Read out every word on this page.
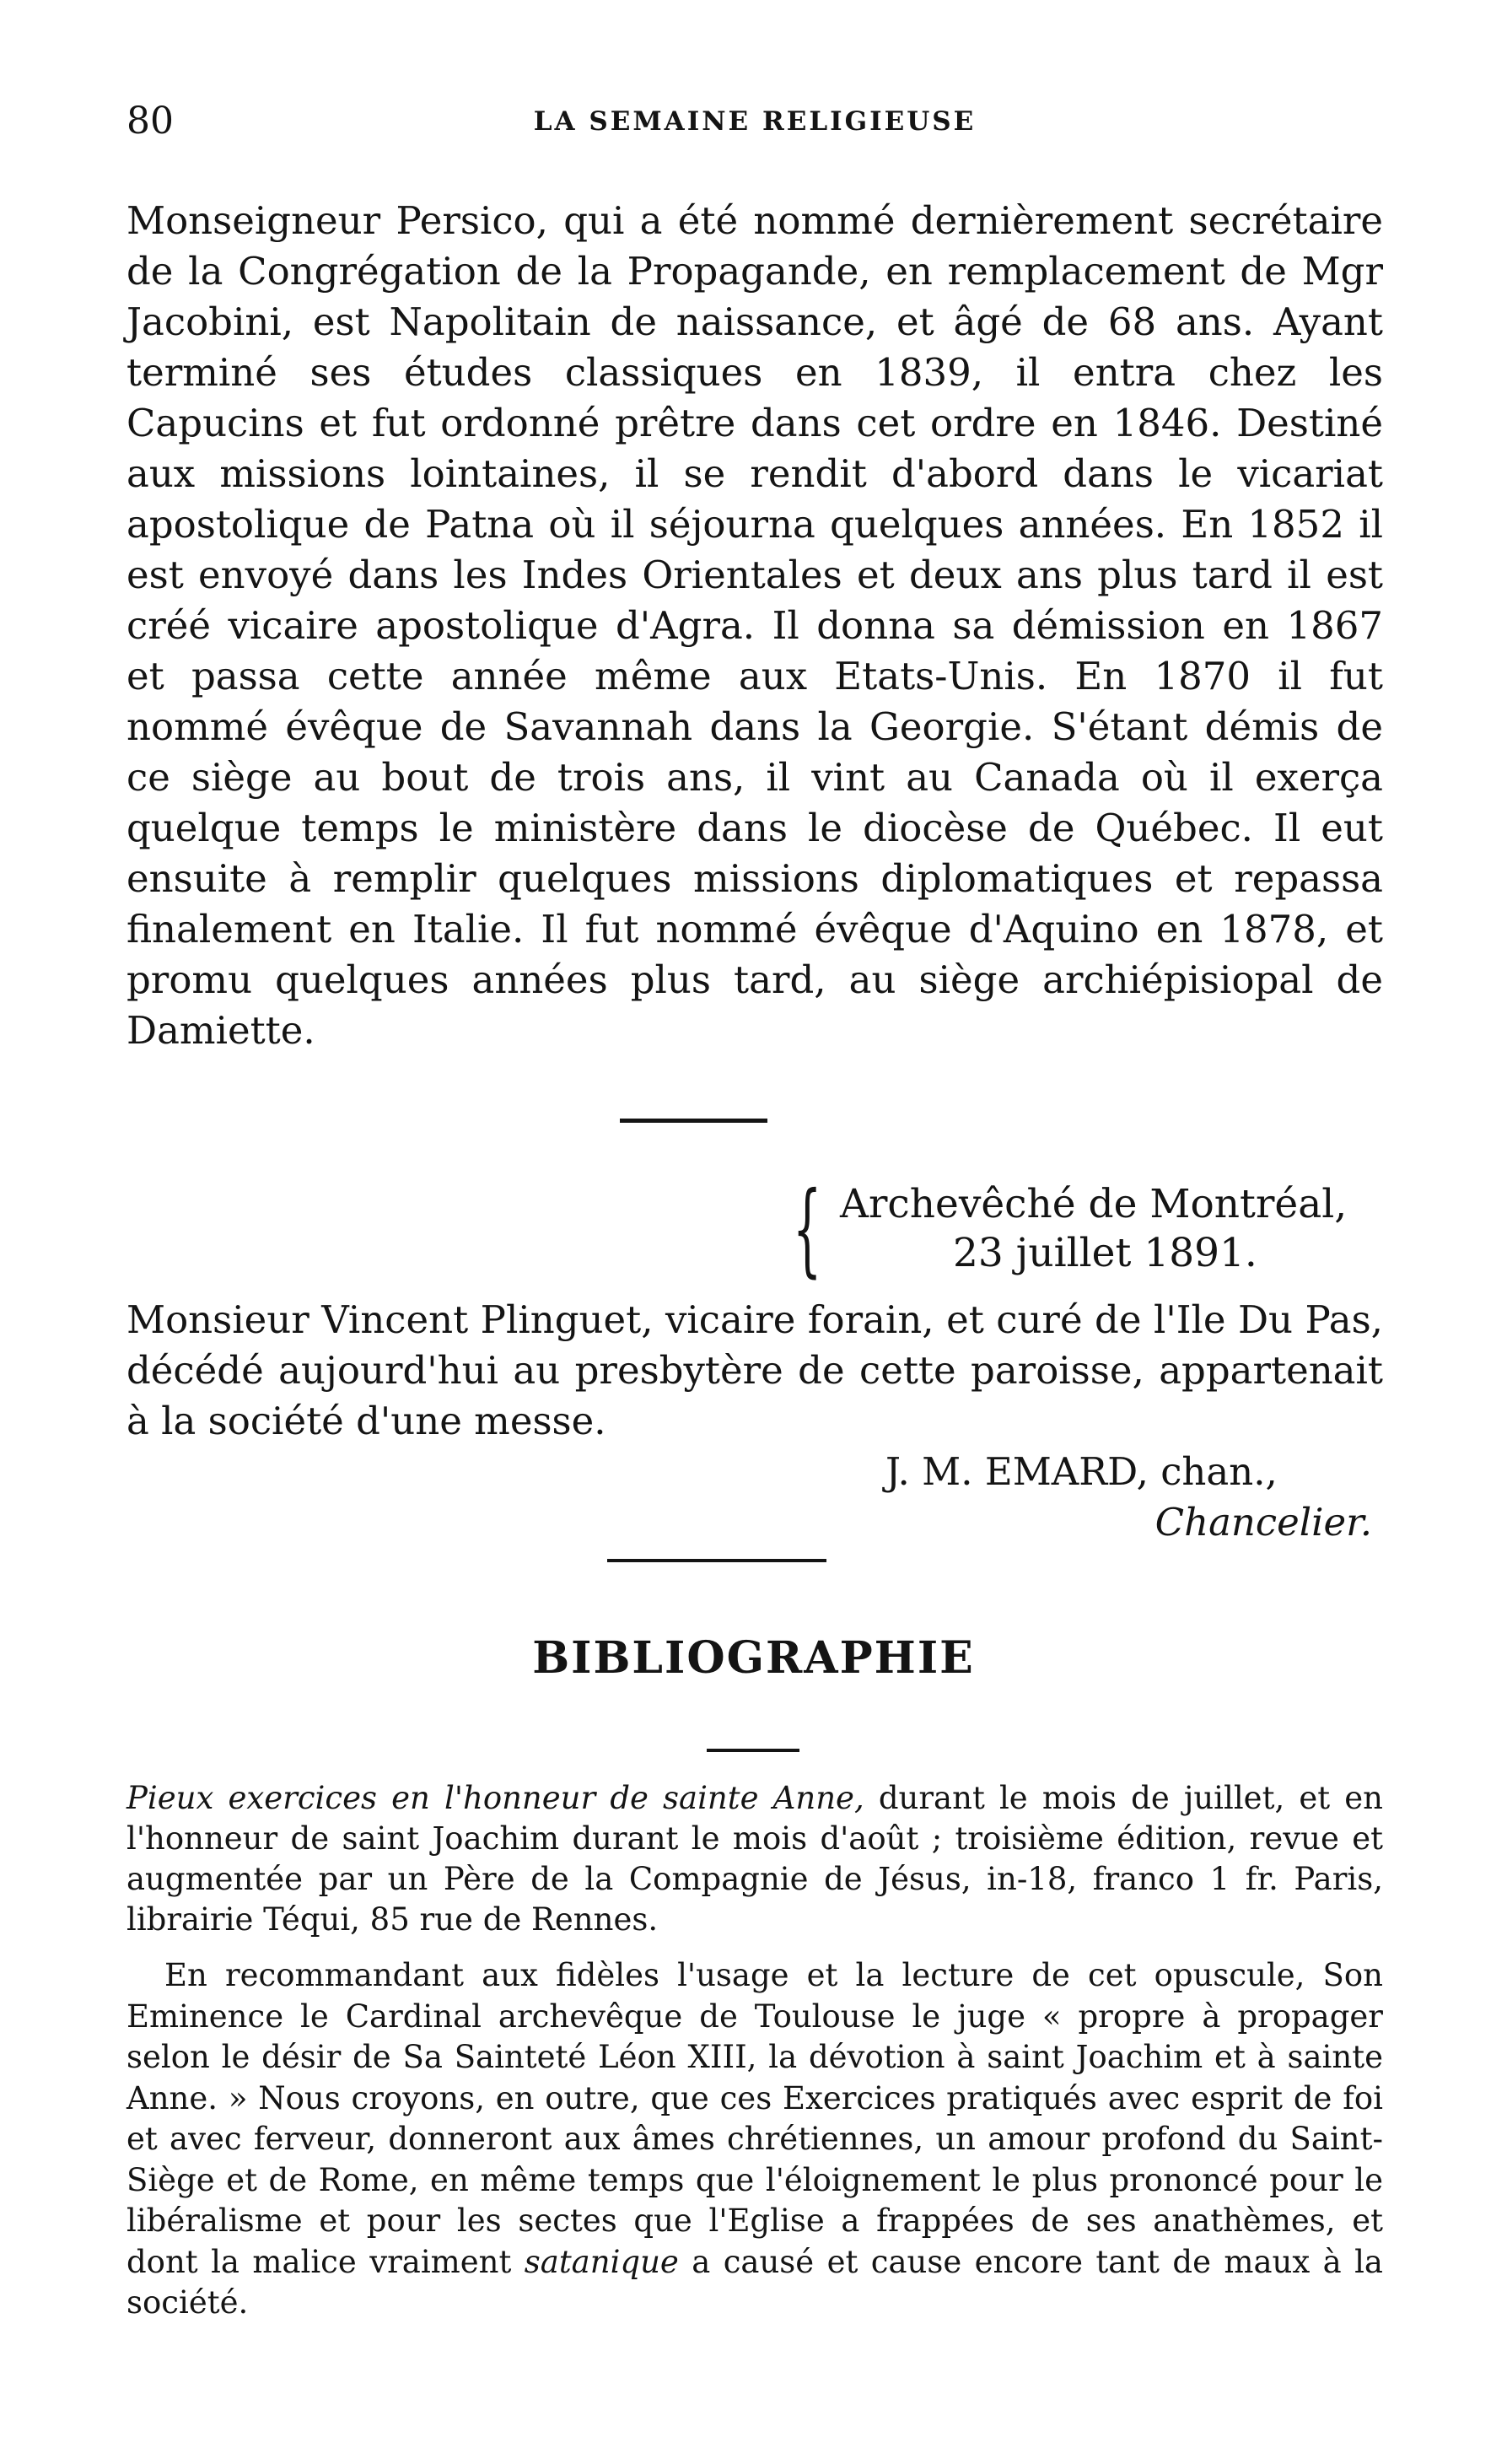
80	LA SEMAINE RELIGIEUSE

Monseigneur Persico, qui a été nommé dernièrement secrétaire de la Congrégation de la Propagande, en remplacement de Mgr Jacobini, est Napolitain de naissance, et âgé de 68 ans. Ayant terminé ses études classiques en 1839, il entra chez les Capucins et fut ordonné prêtre dans cet ordre en 1846. Destiné aux missions lointaines, il se rendit d'abord dans le vicariat apostolique de Patna où il séjourna quelques années. En 1852 il est envoyé dans les Indes Orientales et deux ans plus tard il est créé vicaire apostolique d'Agra. Il donna sa démission en 1867 et passa cette année même aux Etats-Unis. En 1870 il fut nommé évêque de Savannah dans la Georgie. S'étant démis de ce siège au bout de trois ans, il vint au Canada où il exerça quelque temps le ministère dans le diocèse de Québec. Il eut ensuite à remplir quelques missions diplomatiques et repassa finalement en Italie. Il fut nommé évêque d'Aquino en 1878, et promu quelques années plus tard, au siège archiépisiopal de Damiette.

{ Archevêché de Montréal,
23 juillet 1891.

Monsieur Vincent Plinguet, vicaire forain, et curé de l'Ile Du Pas, décédé aujourd'hui au presbytère de cette paroisse, appartenait à la société d'une messe.

J. M. EMARD, chan.,
Chancelier.
BIBLIOGRAPHIE

Pieux exercices en l'honneur de sainte Anne, durant le mois de juillet, et en l'honneur de saint Joachim durant le mois d'août ; troisième édition, revue et augmentée par un Père de la Compagnie de Jésus, in-18, franco 1 fr. Paris, librairie Téqui, 85 rue de Rennes.

En recommandant aux fidèles l'usage et la lecture de cet opuscule, Son Eminence le Cardinal archevêque de Toulouse le juge « propre à propager selon le désir de Sa Sainteté Léon XIII, la dévotion à saint Joachim et à sainte Anne. » Nous croyons, en outre, que ces Exercices pratiqués avec esprit de foi et avec ferveur, donneront aux âmes chrétiennes, un amour profond du Saint-Siège et de Rome, en même temps que l'éloignement le plus prononcé pour le libéralisme et pour les sectes que l'Eglise a frappées de ses anathèmes, et dont la malice vraiment satanique a causé et cause encore tant de maux à la société.
